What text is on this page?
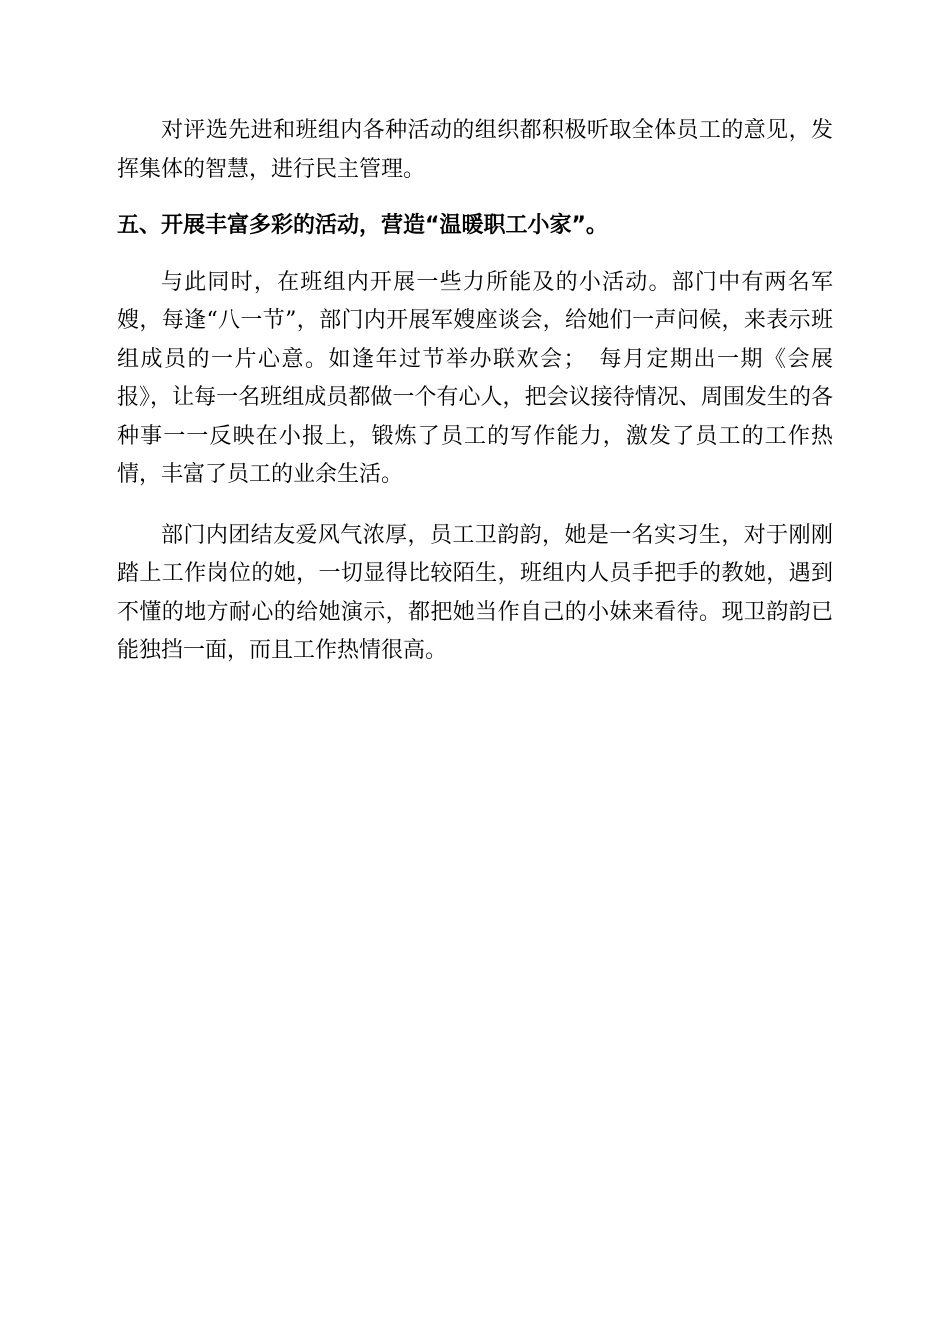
对评选先进和班组内各种活动的组织都积极听取全体员工的意见，发挥集体的智慧，进行民主管理。

五、开展丰富多彩的活动，营造“温暖职工小家”。

与此同时，在班组内开展一些力所能及的小活动。部门中有两名军嫂，每逢“八一节”，部门内开展军嫂座谈会，给她们一声问候，来表示班组成员的一片心意。如逢年过节举办联欢会；　每月定期出一期《会展报》，让每一名班组成员都做一个有心人，把会议接待情况、周围发生的各种事一一反映在小报上，锻炼了员工的写作能力，激发了员工的工作热情，丰富了员工的业余生活。

部门内团结友爱风气浓厚，员工卫韵韵，她是一名实习生，对于刚刚踏上工作岗位的她，一切显得比较陌生，班组内人员手把手的教她，遇到不懂的地方耐心的给她演示，都把她当作自己的小妹来看待。现卫韵韵已能独挡一面，而且工作热情很高。
